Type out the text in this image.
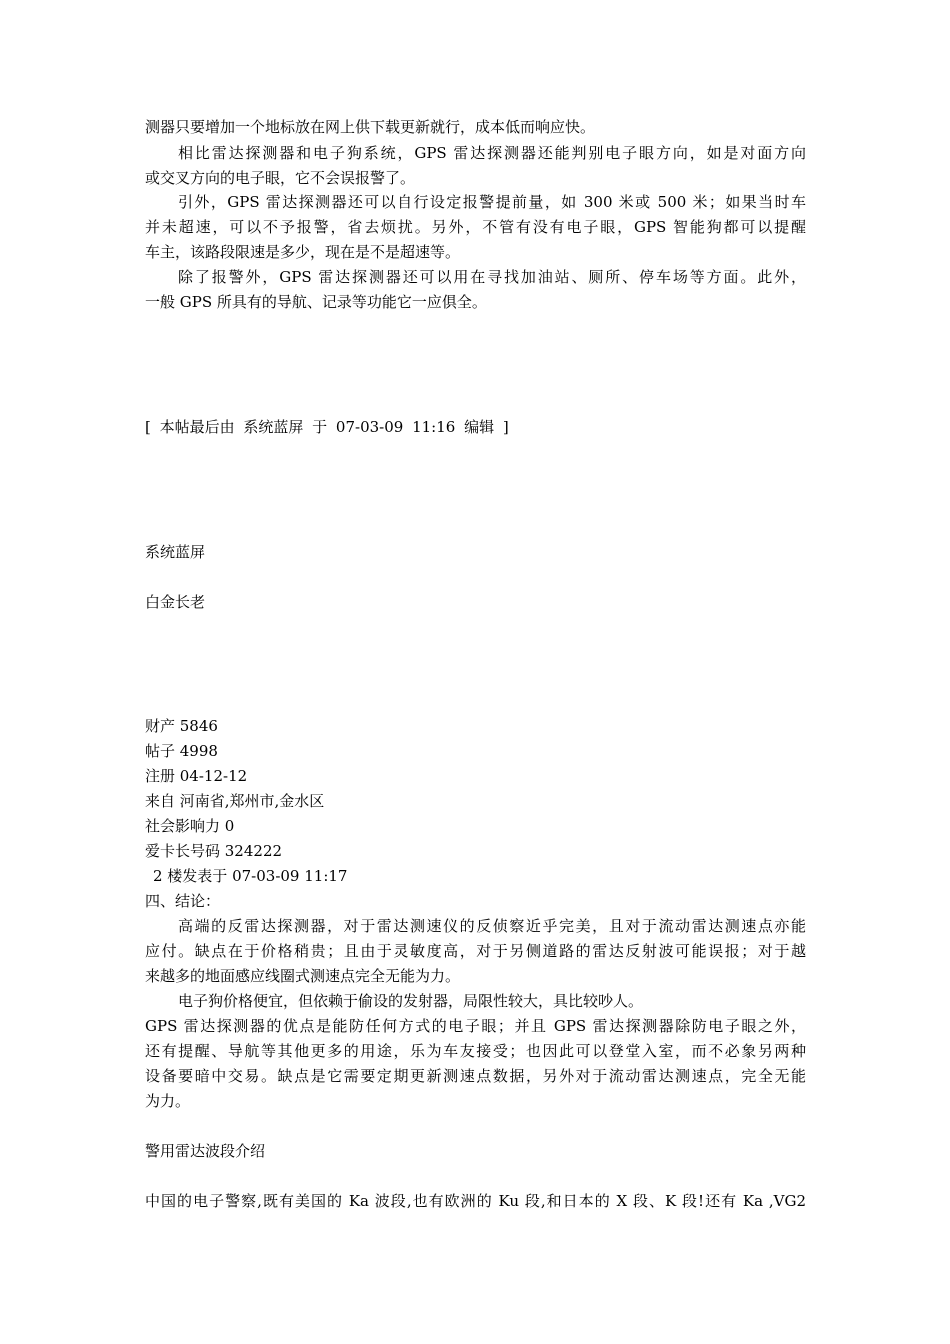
测器只要增加一个地标放在网上供下载更新就行，成本低而响应快。
相比雷达探测器和电子狗系统，GPS 雷达探测器还能判别电子眼方向，如是对面方向
或交叉方向的电子眼，它不会误报警了。
引外，GPS 雷达探测器还可以自行设定报警提前量，如 300 米或 500 米；如果当时车
并未超速，可以不予报警，省去烦扰。另外，不管有没有电子眼，GPS 智能狗都可以提醒
车主，该路段限速是多少，现在是不是超速等。
除了报警外，GPS 雷达探测器还可以用在寻找加油站、厕所、停车场等方面。此外，
一般 GPS 所具有的导航、记录等功能它一应俱全。
[ 本帖最后由 系统蓝屏 于 07-03-09 11:16 编辑 ]
系统蓝屏
白金长老
财产 5846
帖子 4998
注册 04-12-12
来自 河南省,郑州市,金水区
社会影响力 0
爱卡长号码 324222
2 楼发表于 07-03-09 11:17
四、结论：
高端的反雷达探测器，对于雷达测速仪的反侦察近乎完美，且对于流动雷达测速点亦能
应付。缺点在于价格稍贵；且由于灵敏度高，对于另侧道路的雷达反射波可能误报；对于越
来越多的地面感应线圈式测速点完全无能为力。
电子狗价格便宜，但依赖于偷设的发射器，局限性较大，具比较吵人。
GPS 雷达探测器的优点是能防任何方式的电子眼；并且 GPS 雷达探测器除防电子眼之外，
还有提醒、导航等其他更多的用途，乐为车友接受；也因此可以登堂入室，而不必象另两种
设备要暗中交易。缺点是它需要定期更新测速点数据，另外对于流动雷达测速点，完全无能
为力。
警用雷达波段介绍
中国的电子警察,既有美国的 Ka 波段,也有欧洲的 Ku 段,和日本的 X 段、K 段!还有 Ka ,VG2
